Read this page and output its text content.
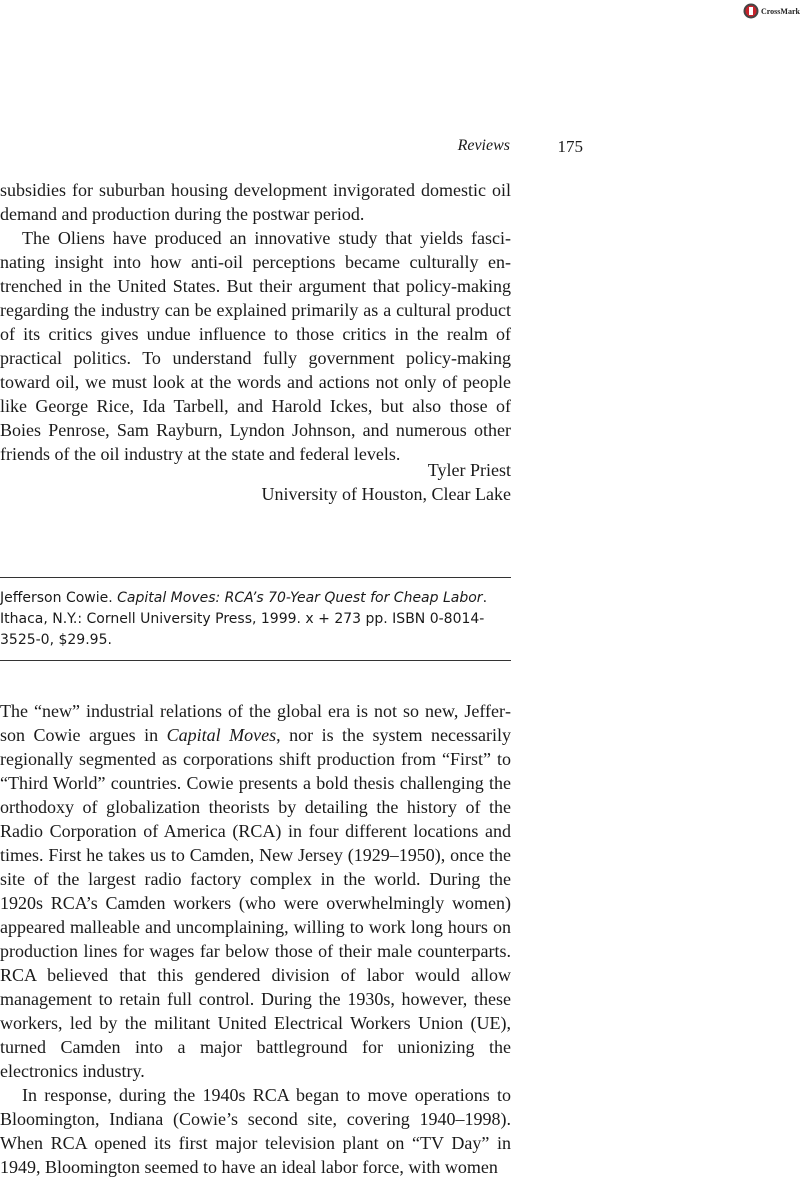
CrossMark
Reviews	175

subsidies for suburban housing development invigorated domestic oil demand and production during the postwar period.

The Oliens have produced an innovative study that yields fascinating insight into how anti-oil perceptions became culturally entrenched in the United States. But their argument that policy-making regarding the industry can be explained primarily as a cultural product of its critics gives undue influence to those critics in the realm of practical politics. To understand fully government policy-making toward oil, we must look at the words and actions not only of people like George Rice, Ida Tarbell, and Harold Ickes, but also those of Boies Penrose, Sam Rayburn, Lyndon Johnson, and numerous other friends of the oil industry at the state and federal levels.

Tyler Priest
University of Houston, Clear Lake
Jefferson Cowie. Capital Moves: RCA’s 70-Year Quest for Cheap Labor. Ithaca, N.Y.: Cornell University Press, 1999. x + 273 pp. ISBN 0-8014-3525-0, $29.95.

The “new” industrial relations of the global era is not so new, Jefferson Cowie argues in Capital Moves, nor is the system necessarily regionally segmented as corporations shift production from “First” to “Third World” countries. Cowie presents a bold thesis challenging the orthodoxy of globalization theorists by detailing the history of the Radio Corporation of America (RCA) in four different locations and times. First he takes us to Camden, New Jersey (1929–1950), once the site of the largest radio factory complex in the world. During the 1920s RCA’s Camden workers (who were overwhelmingly women) appeared malleable and uncomplaining, willing to work long hours on production lines for wages far below those of their male counterparts. RCA believed that this gendered division of labor would allow management to retain full control. During the 1930s, however, these workers, led by the militant United Electrical Workers Union (UE), turned Camden into a major battleground for unionizing the electronics industry.

In response, during the 1940s RCA began to move operations to Bloomington, Indiana (Cowie’s second site, covering 1940–1998). When RCA opened its first major television plant on “TV Day” in 1949, Bloomington seemed to have an ideal labor force, with women
